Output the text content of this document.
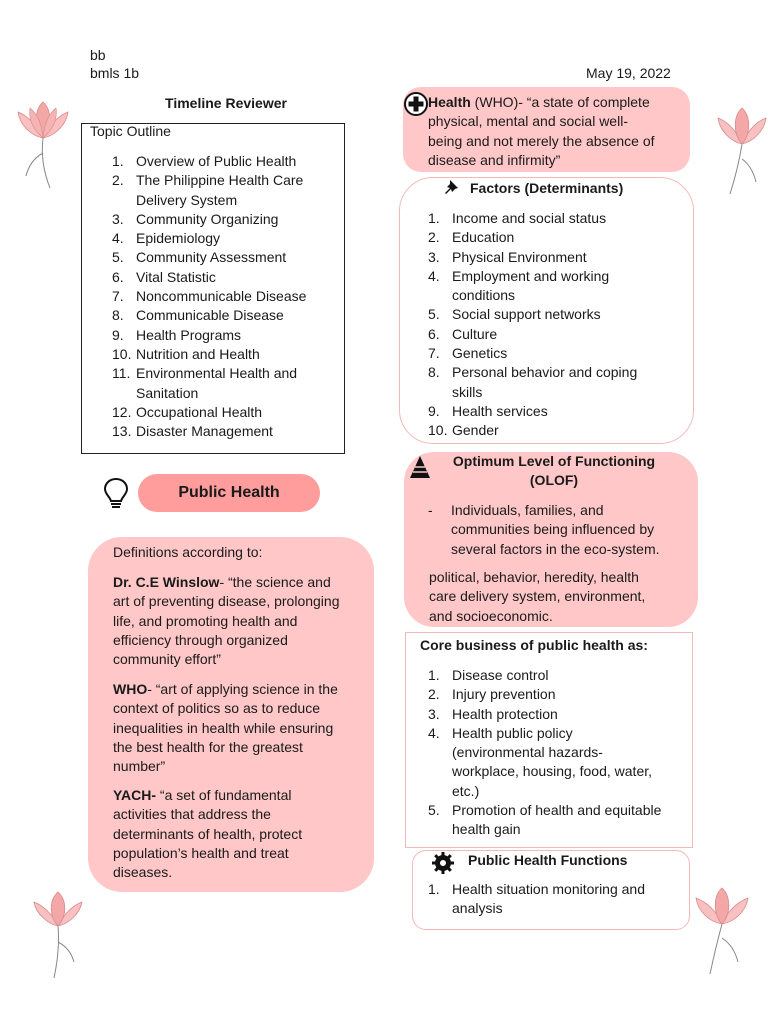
bb
bmls 1b	May 19, 2022
Timeline Reviewer
Topic Outline
1. Overview of Public Health
2. The Philippine Health Care
Delivery System
3. Community Organizing
4. Epidemiology
5. Community Assessment
6. Vital Statistic
7. Noncommunicable Disease
8. Communicable Disease
9. Health Programs
10. Nutrition and Health
11. Environmental Health and
Sanitation
12. Occupational Health
13. Disaster Management
Public Health
Definitions according to:
Dr. C.E Winslow- “the science and
art of preventing disease, prolonging
life, and promoting health and
efficiency through organized
community effort”
WHO- “art of applying science in the
context of politics so as to reduce
inequalities in health while ensuring
the best health for the greatest
number”
YACH- “a set of fundamental
activities that address the
determinants of health, protect
population’s health and treat
diseases.
Health (WHO)- “a state of complete
physical, mental and social well-
being and not merely the absence of
disease and infirmity”
Factors (Determinants)
1. Income and social status
2. Education
3. Physical Environment
4. Employment and working
conditions
5. Social support networks
6. Culture
7. Genetics
8. Personal behavior and coping
skills
9. Health services
10. Gender
Optimum Level of Functioning
(OLOF)
- Individuals, families, and
communities being influenced by
several factors in the eco-system.
political, behavior, heredity, health
care delivery system, environment,
and socioeconomic.
Core business of public health as:
1. Disease control
2. Injury prevention
3. Health protection
4. Health public policy
(environmental hazards-
workplace, housing, food, water,
etc.)
5. Promotion of health and equitable
health gain
Public Health Functions
1. Health situation monitoring and
analysis
